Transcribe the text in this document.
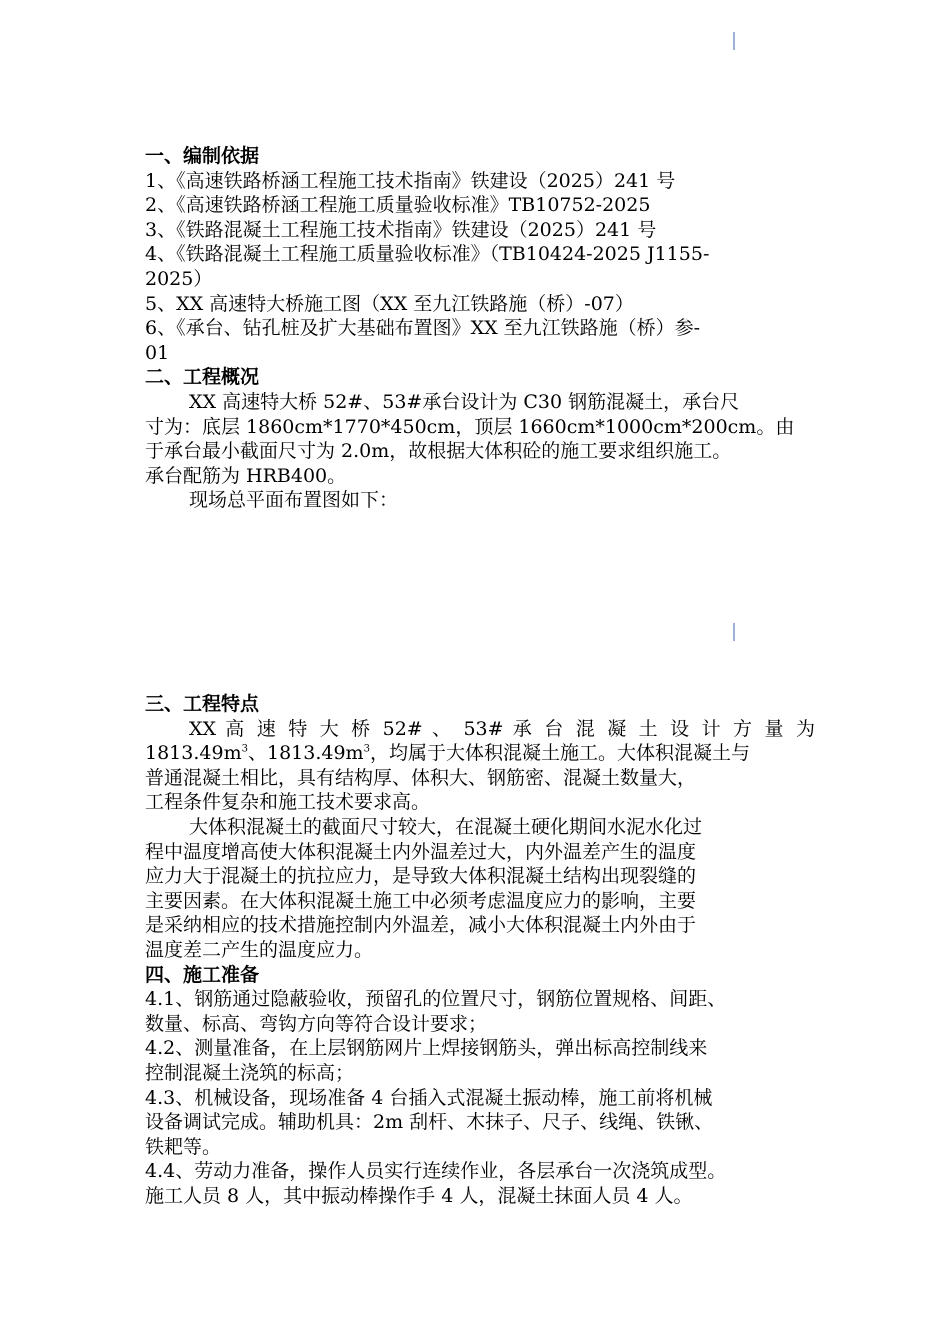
一、编制依据
1、《高速铁路桥涵工程施工技术指南》铁建设（2025）241 号
2、《高速铁路桥涵工程施工质量验收标准》TB10752-2025
3、《铁路混凝土工程施工技术指南》铁建设（2025）241 号
4、《铁路混凝土工程施工质量验收标准》（TB10424-2025 J1155-
2025）
5、XX 高速特大桥施工图（XX 至九江铁路施（桥）-07）
6、《承台、钻孔桩及扩大基础布置图》XX 至九江铁路施（桥）参-
01
二、工程概况
XX 高速特大桥 52#、53#承台设计为 C30 钢筋混凝土，承台尺
寸为：底层 1860cm*1770*450cm，顶层 1660cm*1000cm*200cm。由
于承台最小截面尺寸为 2.0m，故根据大体积砼的施工要求组织施工。
承台配筋为 HRB400。
现场总平面布置图如下：
三、工程特点
XX 高 速 特 大 桥 52# 、 53# 承 台 混 凝 土 设 计 方 量 为
$1813.49m^3$、$1813.49m^3$，均属于大体积混凝土施工。大体积混凝土与
普通混凝土相比，具有结构厚、体积大、钢筋密、混凝土数量大，
工程条件复杂和施工技术要求高。
大体积混凝土的截面尺寸较大，在混凝土硬化期间水泥水化过
程中温度增高使大体积混凝土内外温差过大，内外温差产生的温度
应力大于混凝土的抗拉应力，是导致大体积混凝土结构出现裂缝的
主要因素。在大体积混凝土施工中必须考虑温度应力的影响，主要
是采纳相应的技术措施控制内外温差，减小大体积混凝土内外由于
温度差二产生的温度应力。
四、施工准备
4.1、钢筋通过隐蔽验收，预留孔的位置尺寸，钢筋位置规格、间距、
数量、标高、弯钩方向等符合设计要求；
4.2、测量准备，在上层钢筋网片上焊接钢筋头，弹出标高控制线来
控制混凝土浇筑的标高；
4.3、机械设备，现场准备 4 台插入式混凝土振动棒，施工前将机械
设备调试完成。辅助机具：2m 刮杆、木抹子、尺子、线绳、铁锹、
铁耙等。
4.4、劳动力准备，操作人员实行连续作业，各层承台一次浇筑成型。
施工人员 8 人，其中振动棒操作手 4 人，混凝土抹面人员 4 人。
